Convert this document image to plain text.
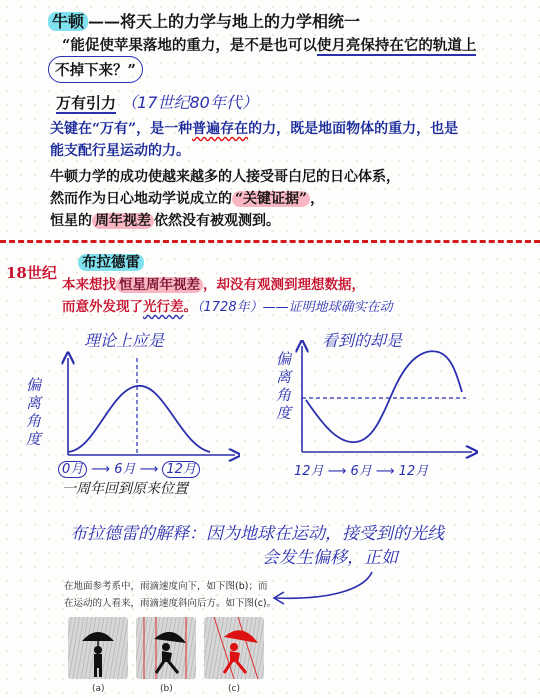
牛顿 ——将天上的力学与地上的力学相统一
“能促使苹果落地的重力，是不是也可以使月亮保持在它的轨道上
不掉下来？”
万有引力 （17世纪80年代）
关键在“万有”，是一种普遍存在的力，既是地面物体的重力，也是
能支配行星运动的力。
牛顿力学的成功使越来越多的人接受哥白尼的日心体系，
然而作为日心地动学说成立的 “关键证据” ，
恒星的 周年视差 依然没有被观测到。
18世纪
布拉德雷
本来想找 恒星周年视差 ，却没有观测到理想数据，
而意外发现了光行差。（1728年）——证明地球确实在动
理论上应是
偏离角度
0月 ⟶ 6月 ⟶ 12月
一周年回到原来位置
看到的却是
偏离角度
12月 ⟶ 6月 ⟶ 12月
布拉德雷的解释：因为地球在运动，接受到的光线
会发生偏移，正如
在地面参考系中，雨滴速度向下，如下图(b)；而
在运动的人看来，雨滴速度斜向后方。如下图(c)。
(a)	(b)	(c)
